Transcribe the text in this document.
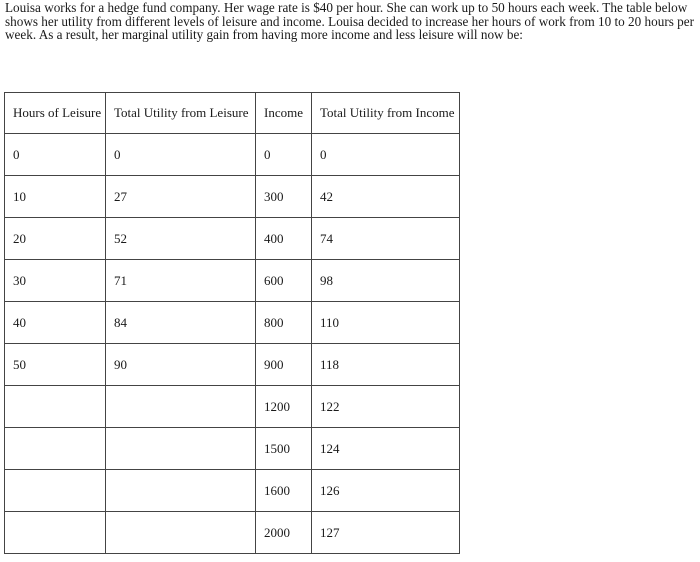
Louisa works for a hedge fund company. Her wage rate is $40 per hour. She can work up to 50 hours each week. The table below shows her utility from different levels of leisure and income. Louisa decided to increase her hours of work from 10 to 20 hours per week. As a result, her marginal utility gain from having more income and less leisure will now be:

Hours of Leisure	Total Utility from Leisure	Income	Total Utility from Income
0	0	0	0
10	27	300	42
20	52	400	74
30	71	600	98
40	84	800	110
50	90	900	118
		1200	122
		1500	124
		1600	126
		2000	127
